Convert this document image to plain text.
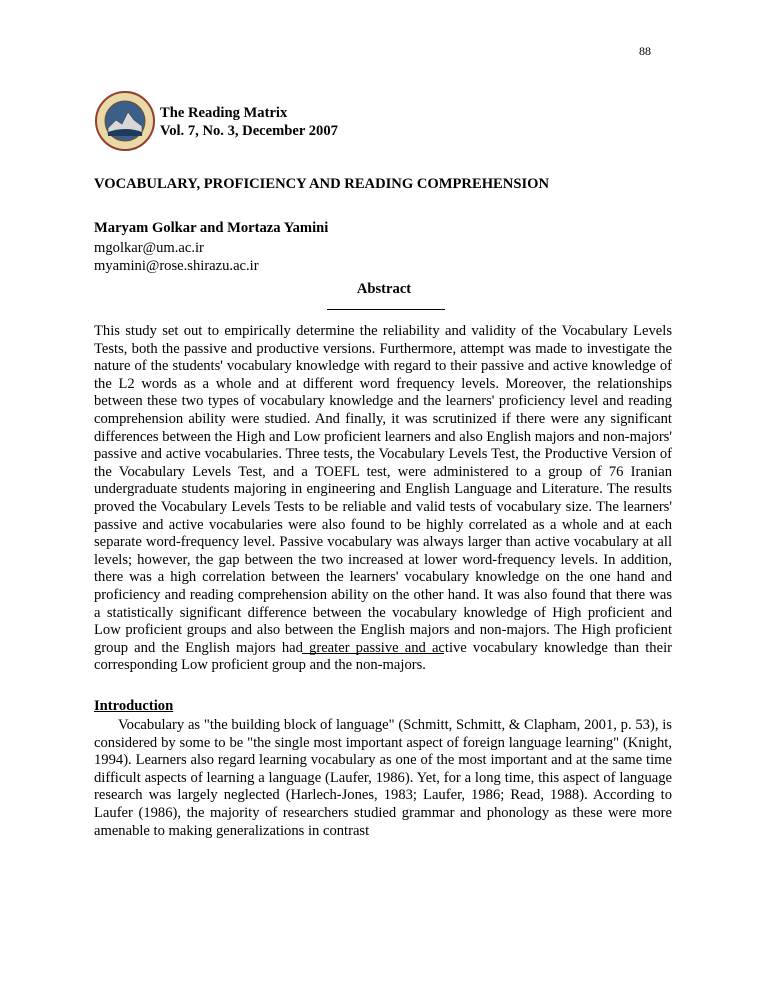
88
The Reading Matrix
Vol. 7, No. 3, December 2007
VOCABULARY, PROFICIENCY AND READING COMPREHENSION
Maryam Golkar and Mortaza Yamini
mgolkar@um.ac.ir
myamini@rose.shirazu.ac.ir
Abstract

This study set out to empirically determine the reliability and validity of the Vocabulary Levels Tests, both the passive and productive versions. Furthermore, attempt was made to investigate the nature of the students' vocabulary knowledge with regard to their passive and active knowledge of the L2 words as a whole and at different word frequency levels. Moreover, the relationships between these two types of vocabulary knowledge and the learners' proficiency level and reading comprehension ability were studied. And finally, it was scrutinized if there were any significant differences between the High and Low proficient learners and also English majors and non-majors' passive and active vocabularies. Three tests, the Vocabulary Levels Test, the Productive Version of the Vocabulary Levels Test, and a TOEFL test, were administered to a group of 76 Iranian undergraduate students majoring in engineering and English Language and Literature. The results proved the Vocabulary Levels Tests to be reliable and valid tests of vocabulary size. The learners' passive and active vocabularies were also found to be highly correlated as a whole and at each separate word-frequency level. Passive vocabulary was always larger than active vocabulary at all levels; however, the gap between the two increased at lower word-frequency levels. In addition, there was a high correlation between the learners' vocabulary knowledge on the one hand and proficiency and reading comprehension ability on the other hand. It was also found that there was a statistically significant difference between the vocabulary knowledge of High proficient and Low proficient groups and also between the English majors and non-majors. The High proficient group and the English majors had greater passive and active vocabulary knowledge than their corresponding Low proficient group and the non-majors.

Introduction

Vocabulary as "the building block of language" (Schmitt, Schmitt, & Clapham, 2001, p. 53), is considered by some to be "the single most important aspect of foreign language learning" (Knight, 1994). Learners also regard learning vocabulary as one of the most important and at the same time difficult aspects of learning a language (Laufer, 1986). Yet, for a long time, this aspect of language research was largely neglected (Harlech-Jones, 1983; Laufer, 1986; Read, 1988). According to Laufer (1986), the majority of researchers studied grammar and phonology as these were more amenable to making generalizations in contrast
